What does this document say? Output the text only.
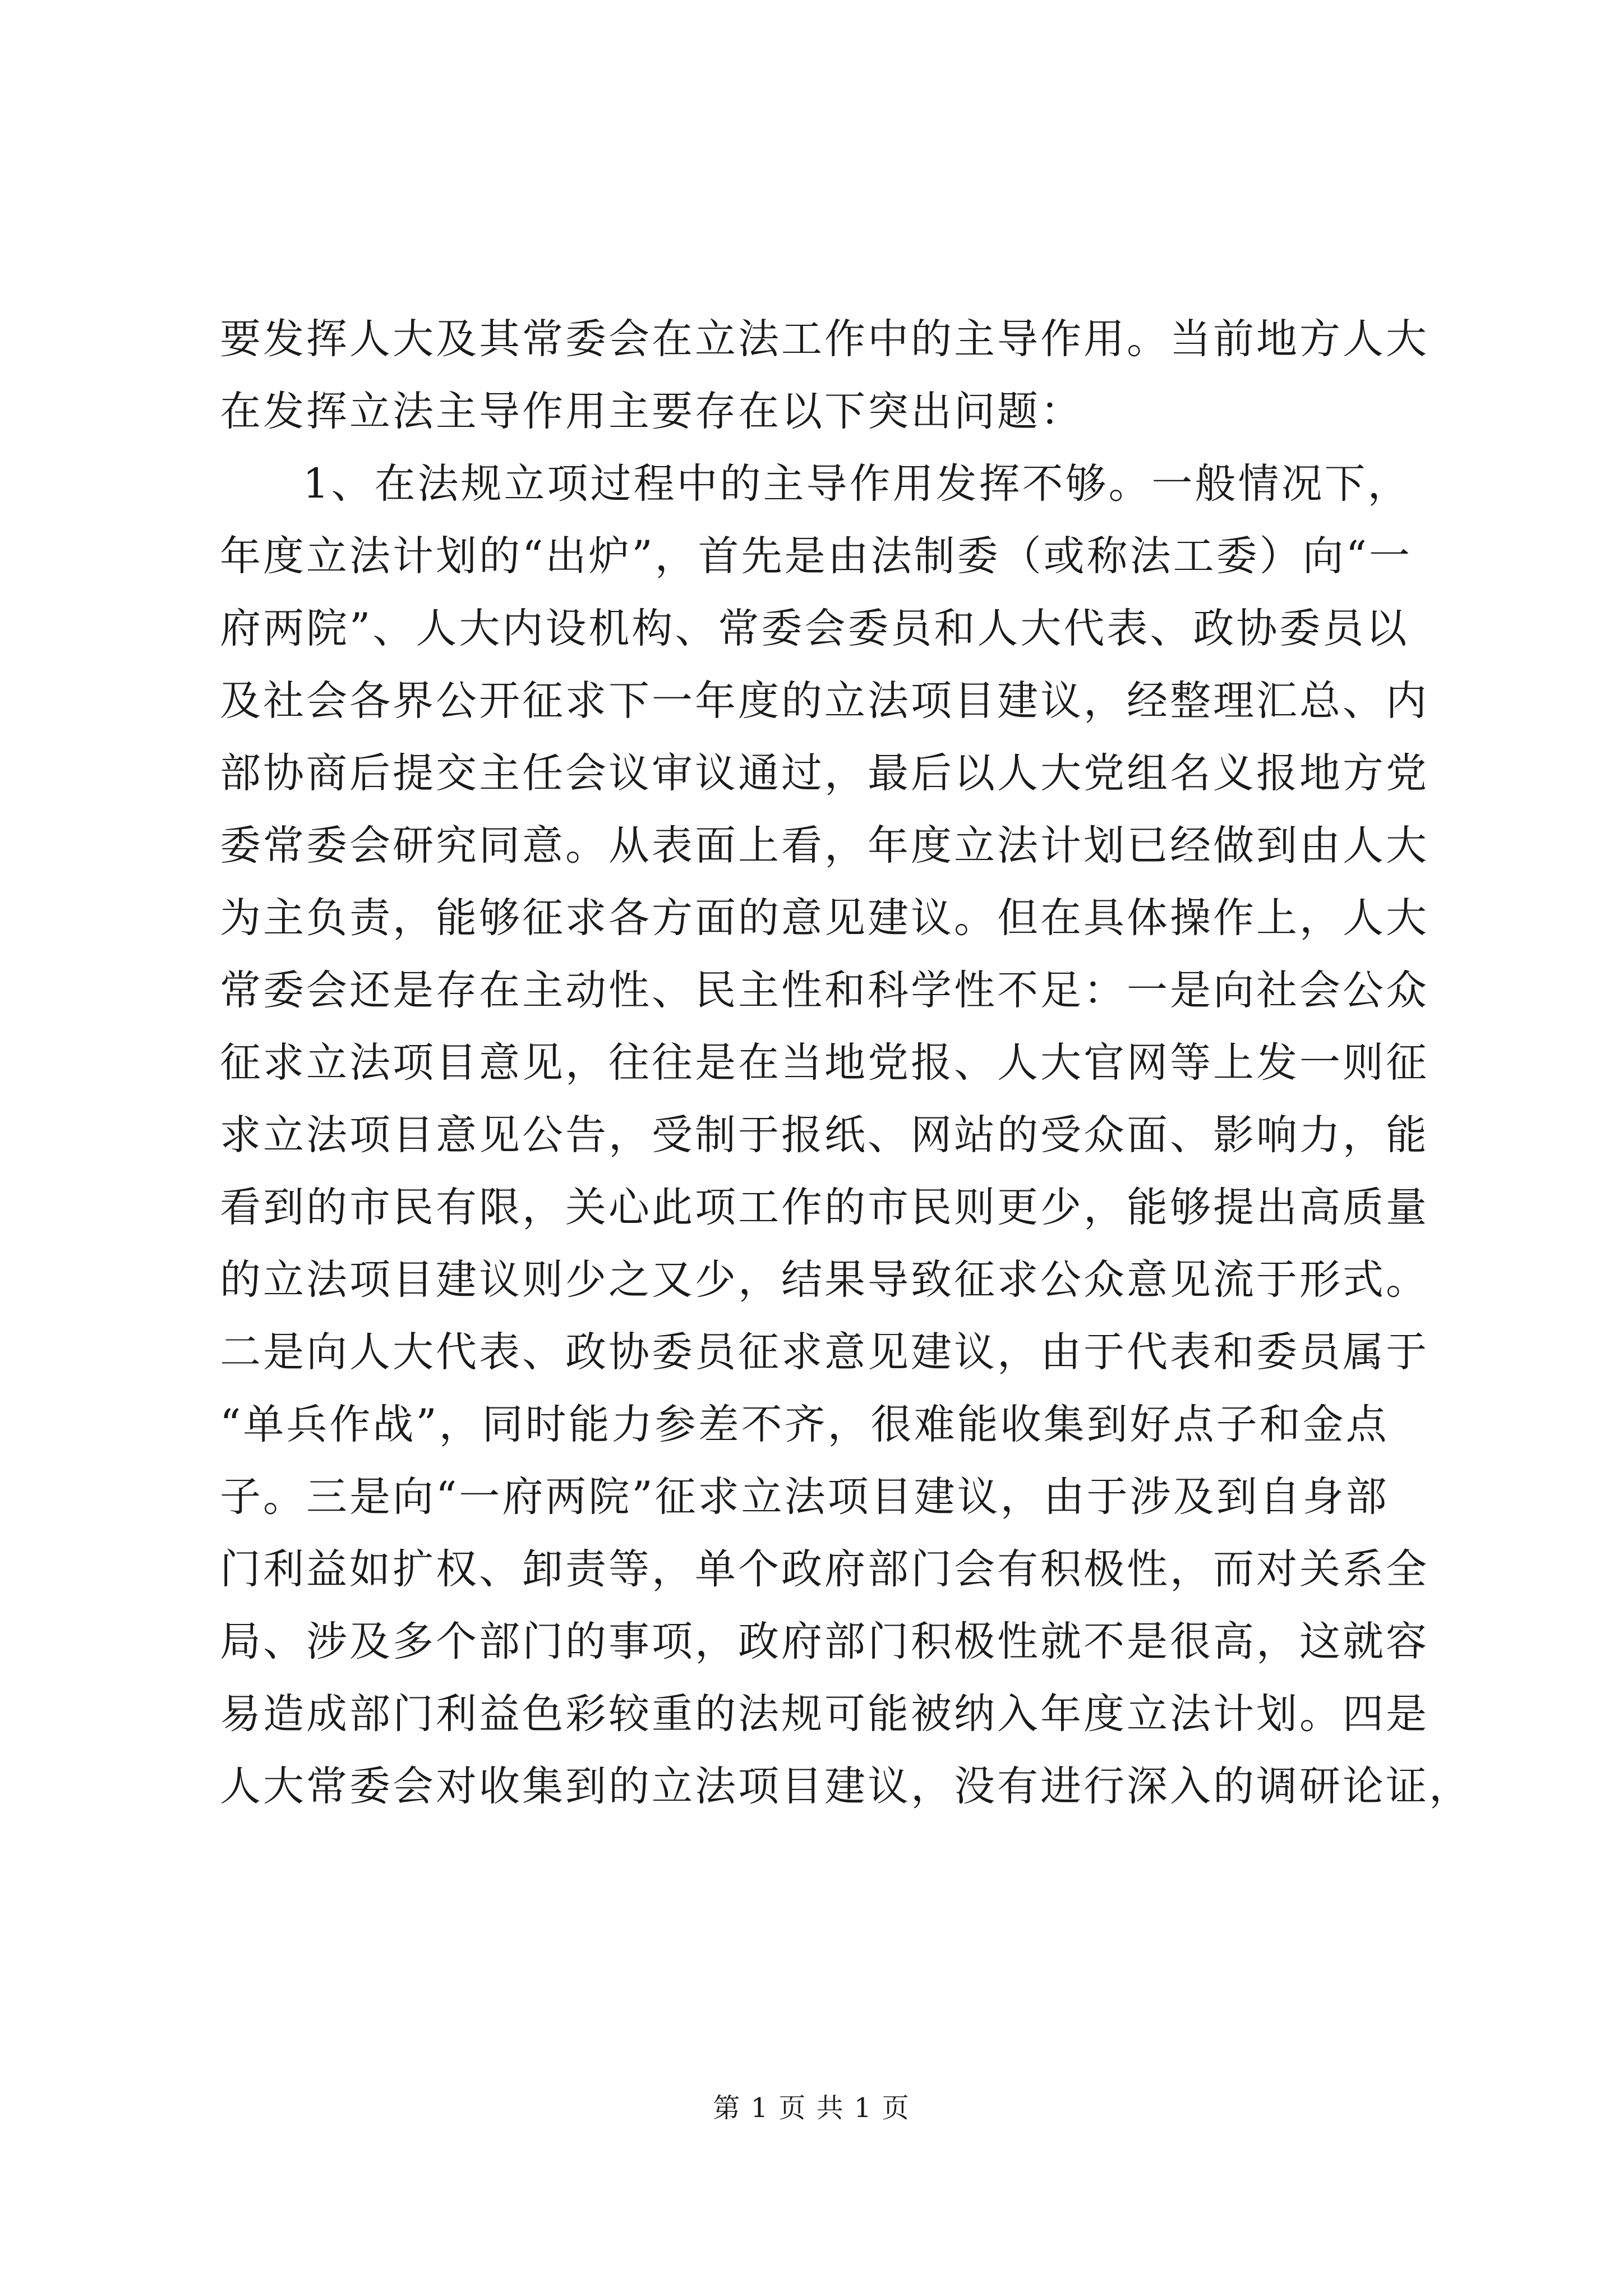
要发挥人大及其常委会在立法工作中的主导作用。当前地方人大
在发挥立法主导作用主要存在以下突出问题：
1、在法规立项过程中的主导作用发挥不够。一般情况下，
年度立法计划的“出炉”，首先是由法制委（或称法工委）向“一
府两院”、人大内设机构、常委会委员和人大代表、政协委员以
及社会各界公开征求下一年度的立法项目建议，经整理汇总、内
部协商后提交主任会议审议通过，最后以人大党组名义报地方党
委常委会研究同意。从表面上看，年度立法计划已经做到由人大
为主负责，能够征求各方面的意见建议。但在具体操作上，人大
常委会还是存在主动性、民主性和科学性不足：一是向社会公众
征求立法项目意见，往往是在当地党报、人大官网等上发一则征
求立法项目意见公告，受制于报纸、网站的受众面、影响力，能
看到的市民有限，关心此项工作的市民则更少，能够提出高质量
的立法项目建议则少之又少，结果导致征求公众意见流于形式。
二是向人大代表、政协委员征求意见建议，由于代表和委员属于
“单兵作战”，同时能力参差不齐，很难能收集到好点子和金点
子。三是向“一府两院”征求立法项目建议，由于涉及到自身部
门利益如扩权、卸责等，单个政府部门会有积极性，而对关系全
局、涉及多个部门的事项，政府部门积极性就不是很高，这就容
易造成部门利益色彩较重的法规可能被纳入年度立法计划。四是
人大常委会对收集到的立法项目建议，没有进行深入的调研论证，
第 1 页 共 1 页
